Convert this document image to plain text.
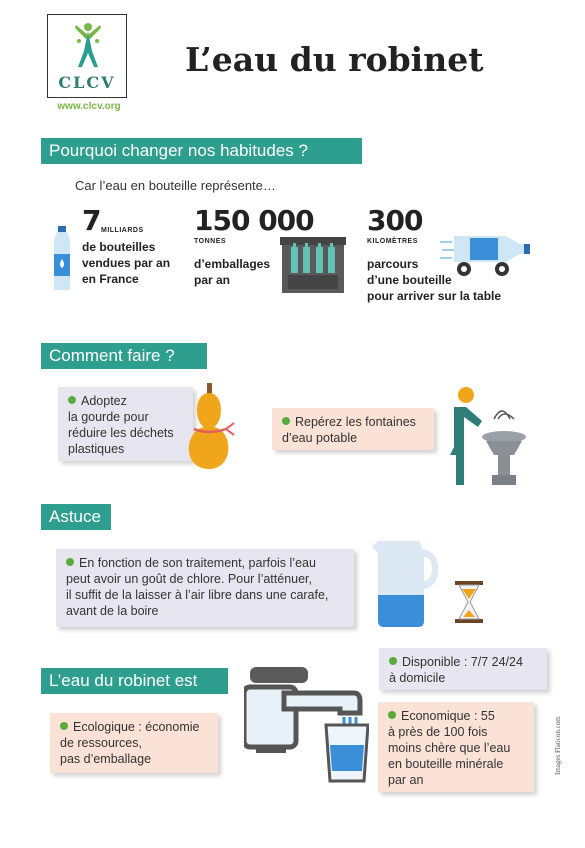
CLCV
www.clcv.org
L’eau du robinet
Pourquoi changer nos habitudes ?
Car l’eau en bouteille représente…
7 MILLIARDS
de bouteilles
vendues par an
en France
150 000
TONNES
d’emballages
par an
300
KILOMÈTRES
parcours
d’une bouteille
pour arriver sur la table
Comment faire ?
Adoptez
la gourde pour
réduire les déchets
plastiques
Repérez les fontaines
d’eau potable
Astuce
En fonction de son traitement, parfois l’eau
peut avoir un goût de chlore. Pour l’atténuer,
il suffit de la laisser à l’air libre dans une carafe,
avant de la boire
L’eau du robinet est
Disponible : 7/7 24/24
à domicile
Ecologique : économie
de ressources,
pas d’emballage
Economique : 55
à près de 100 fois
moins chère que l’eau
en bouteille minérale
par an
Images Flaticon.com
